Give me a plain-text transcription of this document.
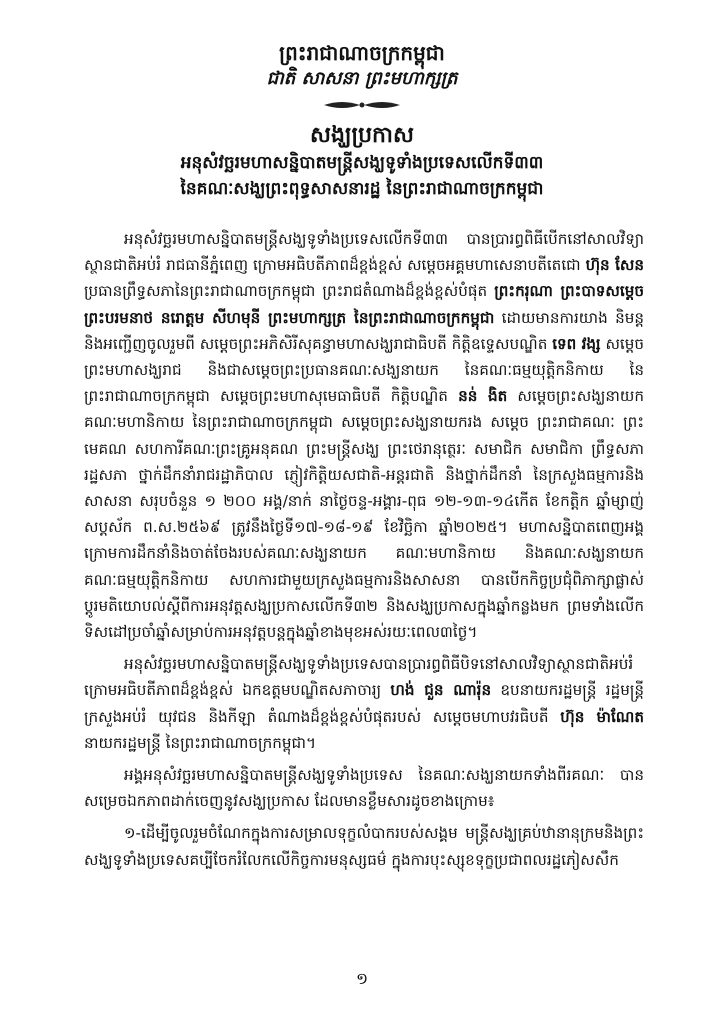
ព្រះរាជាណាចក្រកម្ពុជា
ជាតិ សាសនា ព្រះមហាក្សត្រ
សង្ឃប្រកាស
អនុសំវច្ឆរមហាសន្និបាតមន្ត្រីសង្ឃទូទាំងប្រទេសលើកទី៣៣
នៃគណៈសង្ឃព្រះពុទ្ធសាសនារដ្ឋ នៃព្រះរាជាណាចក្រកម្ពុជា

អនុសំវច្ឆរមហាសន្និបាតមន្ត្រីសង្ឃទូទាំងប្រទេសលើកទី៣៣ បានប្រារព្ធពិធីបើកនៅសាលវិទ្យាស្ថានជាតិអប់រំ រាជធានីភ្នំពេញ ក្រោមអធិបតីភាពដ៏ខ្ពង់ខ្ពស់ សម្តេចអគ្គមហាសេនាបតីតេជោ ហ៊ុន សែន ប្រធានព្រឹទ្ធសភានៃព្រះរាជាណាចក្រកម្ពុជា ព្រះរាជតំណាងដ៏ខ្ពង់ខ្ពស់បំផុត ព្រះករុណា ព្រះបាទសម្តេចព្រះបរមនាថ នរោត្តម សីហមុនី ព្រះមហាក្សត្រ នៃព្រះរាជាណាចក្រកម្ពុជា ដោយមានការយាង និមន្ត និងអញ្ជើញចូលរួមពី សម្តេចព្រះអភិសិរីសុគន្ធាមហាសង្ឃរាជាធិបតី កិត្តិឧទ្ទេសបណ្ឌិត ទេព វង្ស សម្តេចព្រះមហាសង្ឃរាជ និងជាសម្តេចព្រះប្រធានគណៈសង្ឃនាយក នៃគណៈធម្មយុត្តិកនិកាយ នៃព្រះរាជាណាចក្រកម្ពុជា សម្តេចព្រះមហាសុមេធាធិបតី កិត្តិបណ្ឌិត នន់ ងិត សម្តេចព្រះសង្ឃនាយក គណៈមហានិកាយ នៃព្រះរាជាណាចក្រកម្ពុជា សម្តេចព្រះសង្ឃនាយករង សម្តេច ព្រះរាជាគណៈ ព្រះមេគណ សហការីគណៈព្រះគ្រូអនុគណ ព្រះមន្ត្រីសង្ឃ ព្រះថេរានុត្ថេរៈ សមាជិក សមាជិកា ព្រឹទ្ធសភា រដ្ឋសភា ថ្នាក់ដឹកនាំរាជរដ្ឋាភិបាល ភ្ញៀវកិត្តិយសជាតិ-អន្តរជាតិ និងថ្នាក់ដឹកនាំ នៃក្រសួងធម្មការនិងសាសនា សរុបចំនួន ១ ២០០ អង្គ/នាក់ នាថ្ងៃចន្ទ-អង្គារ-ពុធ ១២-១៣-១៤កើត ខែកត្តិក ឆ្នាំម្សាញ់ សប្តស័ក ព.ស.២៥៦៩ ត្រូវនឹងថ្ងៃទី១៧-១៨-១៩ ខែវិច្ឆិកា ឆ្នាំ២០២៥។ មហាសន្និបាតពេញអង្គ ក្រោមការដឹកនាំនិងចាត់ចែងរបស់គណៈសង្ឃនាយក គណៈមហានិកាយ និងគណៈសង្ឃនាយក គណៈធម្មយុត្តិកនិកាយ សហការជាមួយក្រសួងធម្មការនិងសាសនា បានបើកកិច្ចប្រជុំពិភាក្សាផ្លាស់ប្តូរមតិយោបល់ស្តីពីការអនុវត្តសង្ឃប្រកាសលើកទី៣២ និងសង្ឃប្រកាសក្នុងឆ្នាំកន្លងមក ព្រមទាំងលើកទិសដៅប្រចាំឆ្នាំសម្រាប់ការអនុវត្តបន្តក្នុងឆ្នាំខាងមុខអស់រយៈពេល៣ថ្ងៃ។

អនុសំវច្ឆរមហាសន្និបាតមន្ត្រីសង្ឃទូទាំងប្រទេសបានប្រារព្ធពិធីបិទនៅសាលវិទ្យាស្ថានជាតិអប់រំ ក្រោមអធិបតីភាពដ៏ខ្ពង់ខ្ពស់ ឯកឧត្តមបណ្ឌិតសភាចារ្យ ហង់ ជួន ណារ៉ុន ឧបនាយករដ្ឋមន្ត្រី រដ្ឋមន្ត្រីក្រសួងអប់រំ យុវជន និងកីឡា តំណាងដ៏ខ្ពង់ខ្ពស់បំផុតរបស់ សម្តេចមហាបវរធិបតី ហ៊ុន ម៉ាណែត នាយករដ្ឋមន្ត្រី នៃព្រះរាជាណាចក្រកម្ពុជា។

អង្គអនុសំវច្ឆរមហាសន្និបាតមន្ត្រីសង្ឃទូទាំងប្រទេស នៃគណៈសង្ឃនាយកទាំងពីរគណៈ បានសម្រេចឯកភាពដាក់ចេញនូវសង្ឃប្រកាស ដែលមានខ្លឹមសារដូចខាងក្រោម៖

១-ដើម្បីចូលរួមចំណែកក្នុងការសម្រាលទុក្ខលំបាករបស់សង្គម មន្ត្រីសង្ឃគ្រប់ឋានានុក្រមនិងព្រះសង្ឃទូទាំងប្រទេសគប្បីចែករំលែកលើកិច្ចការមនុស្សធម៌ ក្នុងការបុះស្សុខទុក្ខប្រជាពលរដ្ឋភៀសសឹក

១
